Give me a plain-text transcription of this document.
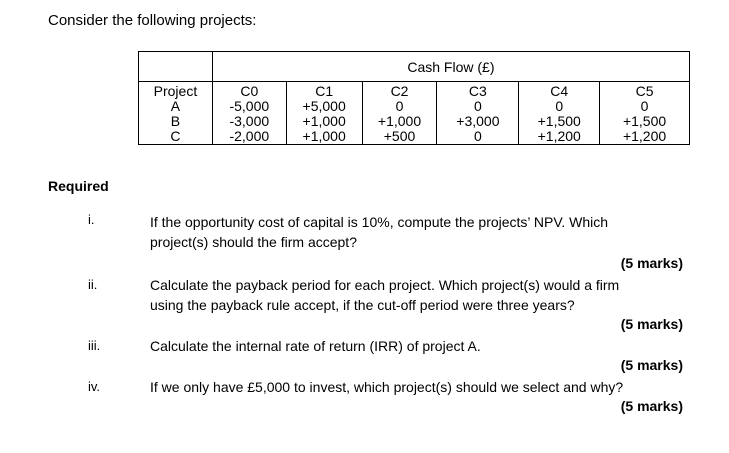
Consider the following projects:
	Cash Flow (£)					
Project	C0	C1	C2	C3	C4	C5
A	-5,000	+5,000	0	0	0	0
B	-3,000	+1,000	+1,000	+3,000	+1,500	+1,500
C	-2,000	+1,000	+500	0	+1,200	+1,200
Required
i.	If the opportunity cost of capital is 10%, compute the projects’ NPV. Which
project(s) should the firm accept?
(5 marks)
ii.	Calculate the payback period for each project. Which project(s) would a firm
using the payback rule accept, if the cut-off period were three years?
(5 marks)
iii.	Calculate the internal rate of return (IRR) of project A.
(5 marks)
iv.	If we only have £5,000 to invest, which project(s) should we select and why?
(5 marks)
